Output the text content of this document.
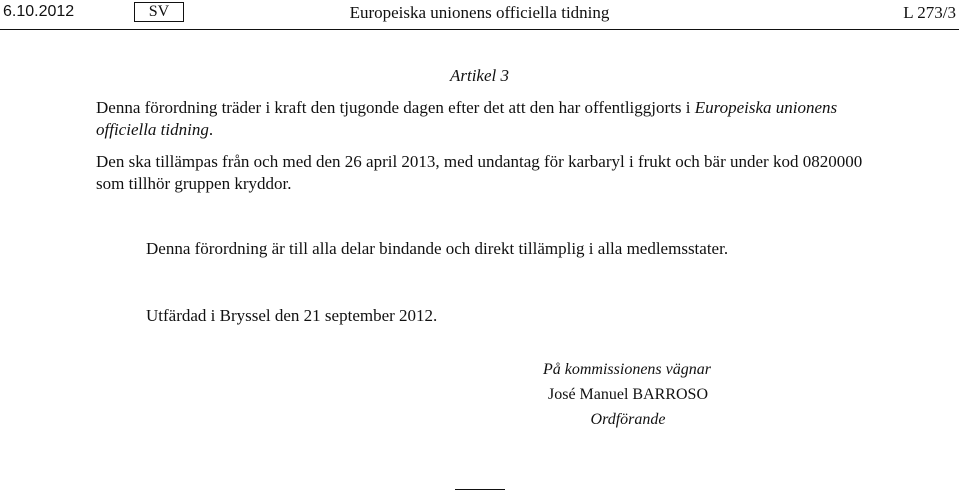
6.10.2012	SV	Europeiska unionens officiella tidning	L 273/3
Artikel 3
Denna förordning träder i kraft den tjugonde dagen efter det att den har offentliggjorts i Europeiska unionens officiella tidning.
Den ska tillämpas från och med den 26 april 2013, med undantag för karbaryl i frukt och bär under kod 0820000 som tillhör gruppen kryddor.
Denna förordning är till alla delar bindande och direkt tillämplig i alla medlemsstater.
Utfärdad i Bryssel den 21 september 2012.
På kommissionens vägnar
José Manuel BARROSO
Ordförande
